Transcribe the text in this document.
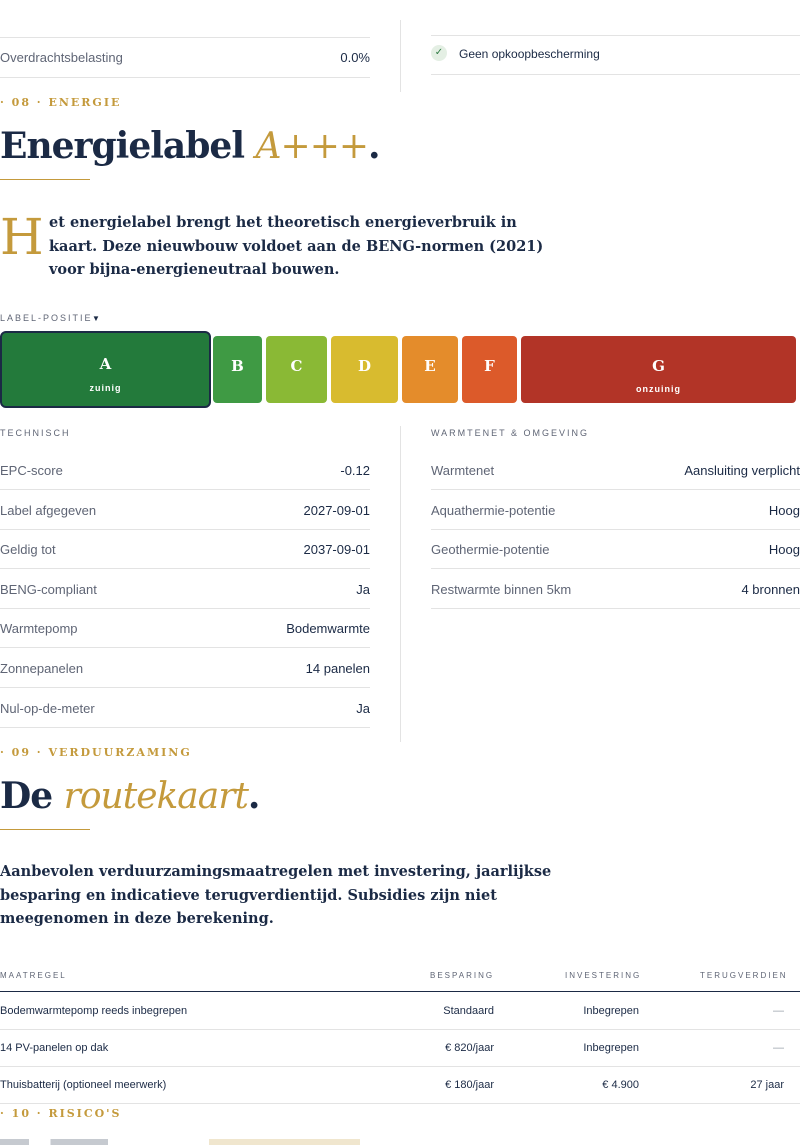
Overdrachtsbelasting	0.0%	✓	Geen opkoopbescherming
· 08 · ENERGIE
Energielabel A+++.
H et energielabel brengt het theoretisch energieverbruik in kaart. Deze nieuwbouw voldoet aan de BENG-normen (2021) voor bijna-energieneutraal bouwen.
LABEL-POSITIE ▼
A
zuinig
B	C	D	E	F	G
onzuinig
TECHNISCH
EPC-score	-0.12
Label afgegeven	2027-09-01
Geldig tot	2037-09-01
BENG-compliant	Ja
Warmtepomp	Bodemwarmte
Zonnepanelen	14 panelen
Nul-op-de-meter	Ja
WARMTENET & OMGEVING
Warmtenet	Aansluiting verplicht
Aquathermie-potentie	Hoog
Geothermie-potentie	Hoog
Restwarmte binnen 5km	4 bronnen
· 09 · VERDUURZAMING
De routekaart.
Aanbevolen verduurzamingsmaatregelen met investering, jaarlijkse besparing en indicatieve terugverdientijd. Subsidies zijn niet meegenomen in deze berekening.
MAATREGEL	BESPARING	INVESTERING	TERUGVERDIEN
Bodemwarmtepomp reeds inbegrepen	Standaard	Inbegrepen	—
14 PV-panelen op dak	€ 820/jaar	Inbegrepen	—
Thuisbatterij (optioneel meerwerk)	€ 180/jaar	€ 4.900	27 jaar
· 10 · RISICO'S
